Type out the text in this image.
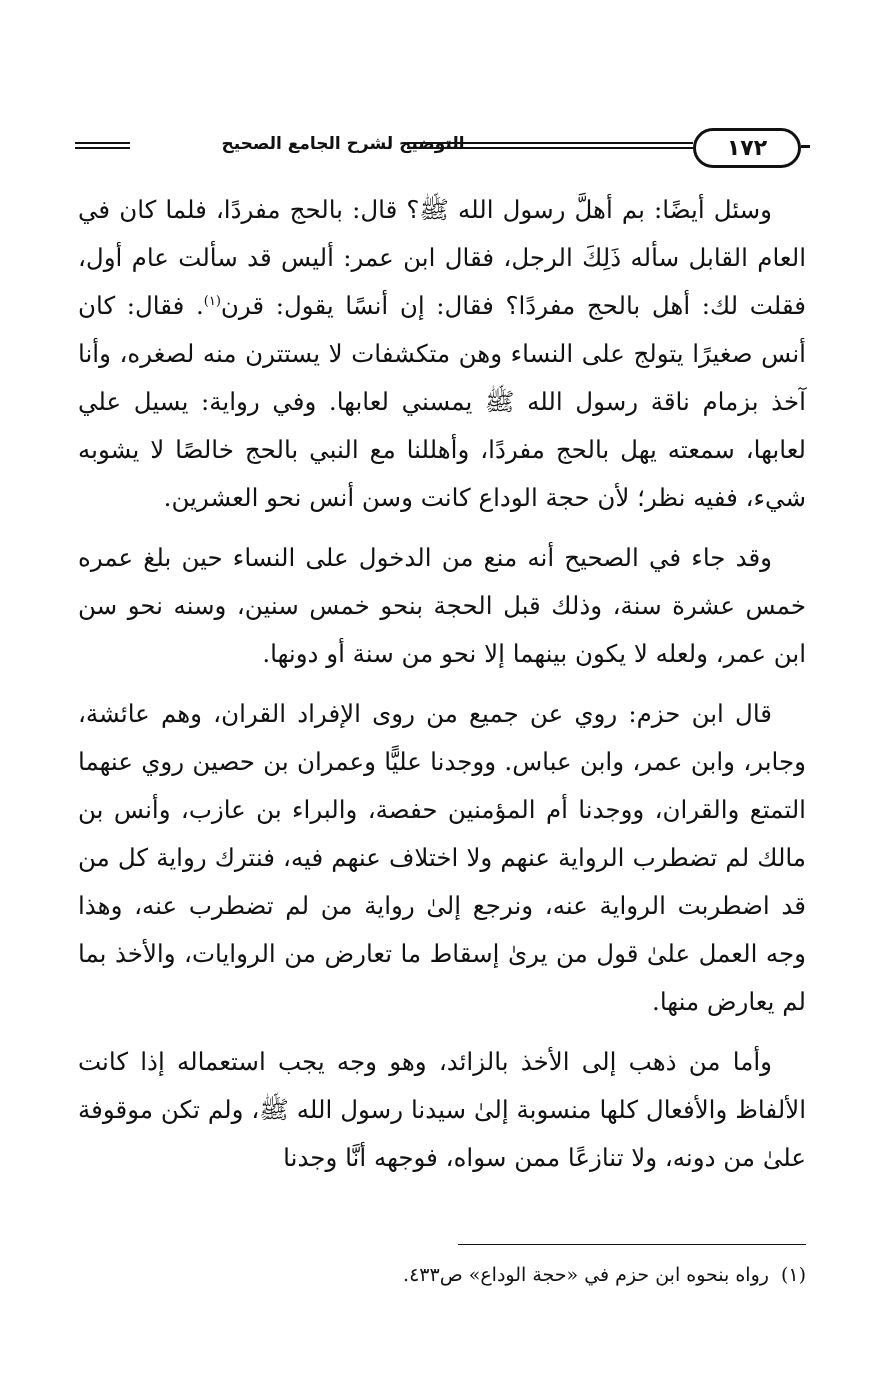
التوضيح لشرح الجامع الصحيح	١٧٢

وسئل أيضًا: بم أهلَّ رسول الله ﷺ؟ قال: بالحج مفردًا، فلما كان في العام القابل سأله ذَلِكَ الرجل، فقال ابن عمر: أليس قد سألت عام أول، فقلت لك: أهل بالحج مفردًا؟ فقال: إن أنسًا يقول: قرن$^{(١)}$. فقال: كان أنس صغيرًا يتولج على النساء وهن متكشفات لا يستترن منه لصغره، وأنا آخذ بزمام ناقة رسول الله ﷺ يمسني لعابها. وفي رواية: يسيل علي لعابها، سمعته يهل بالحج مفردًا، وأهللنا مع النبي بالحج خالصًا لا يشوبه شيء، ففيه نظر؛ لأن حجة الوداع كانت وسن أنس نحو العشرين.

وقد جاء في الصحيح أنه منع من الدخول على النساء حين بلغ عمره خمس عشرة سنة، وذلك قبل الحجة بنحو خمس سنين، وسنه نحو سن ابن عمر، ولعله لا يكون بينهما إلا نحو من سنة أو دونها.

قال ابن حزم: روي عن جميع من روى الإفراد القران، وهم عائشة، وجابر، وابن عمر، وابن عباس. ووجدنا عليًّا وعمران بن حصين روي عنهما التمتع والقران، ووجدنا أم المؤمنين حفصة، والبراء بن عازب، وأنس بن مالك لم تضطرب الرواية عنهم ولا اختلاف عنهم فيه، فنترك رواية كل من قد اضطربت الرواية عنه، ونرجع إلىٰ رواية من لم تضطرب عنه، وهذا وجه العمل علىٰ قول من يرىٰ إسقاط ما تعارض من الروايات، والأخذ بما لم يعارض منها.

وأما من ذهب إلى الأخذ بالزائد، وهو وجه يجب استعماله إذا كانت الألفاظ والأفعال كلها منسوبة إلىٰ سيدنا رسول الله ﷺ، ولم تكن موقوفة علىٰ من دونه، ولا تنازعًا ممن سواه، فوجهه أنَّا وجدنا

(١)رواه بنحوه ابن حزم في «حجة الوداع» ص٤٣٣.
